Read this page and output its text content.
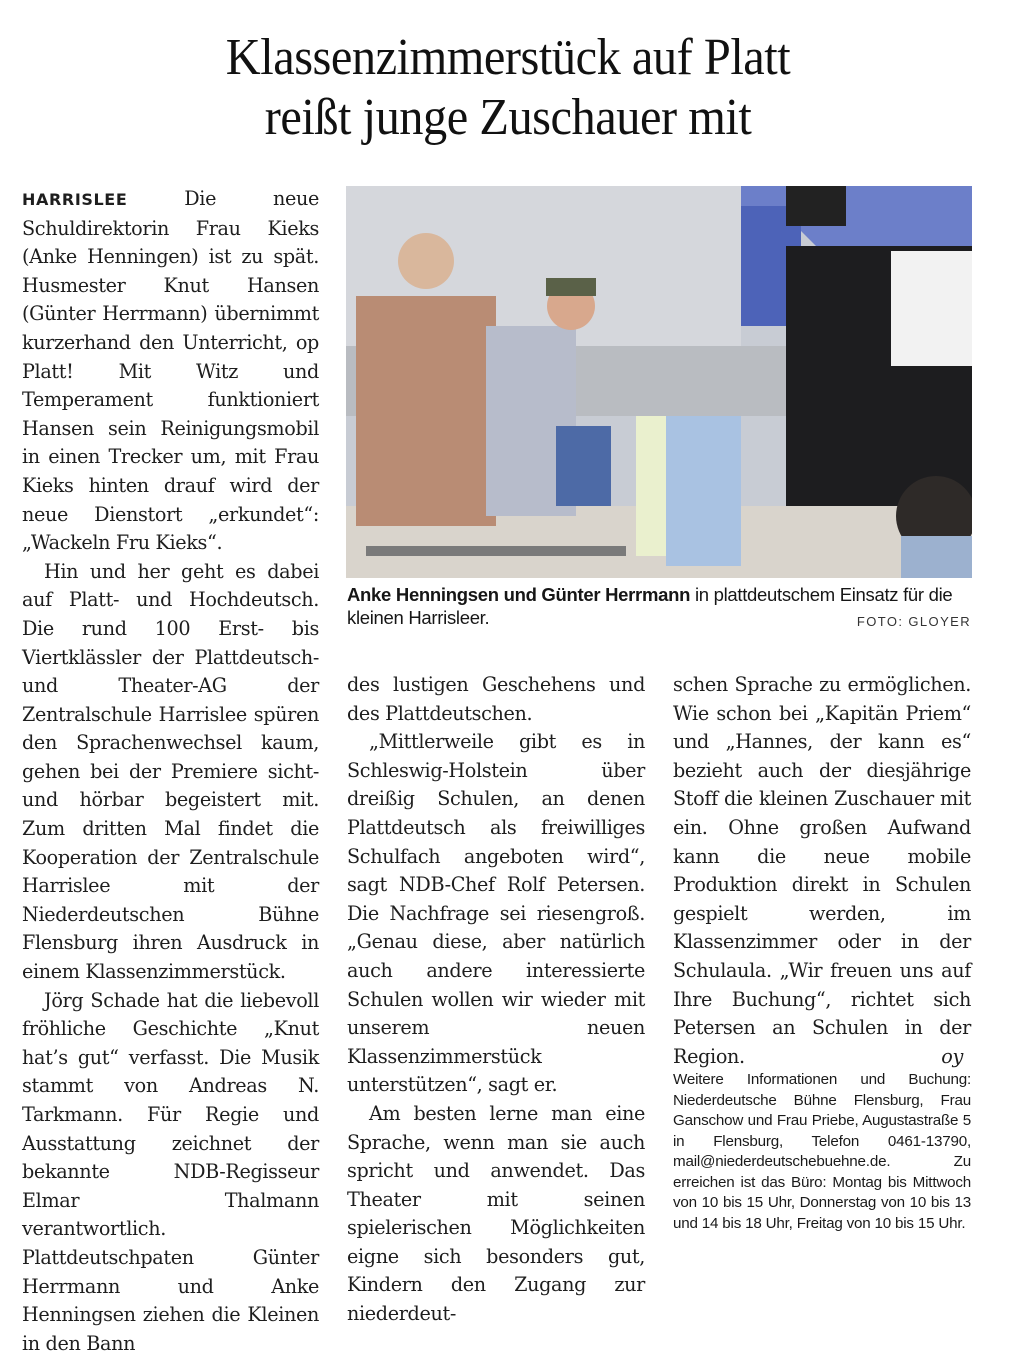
Klassenzimmerstück auf Platt
reißt junge Zuschauer mit

HARRISLEE	Die neue Schuldirektorin Frau Kieks (Anke Henningen) ist zu spät. Husmester Knut Hansen (Günter Herrmann) übernimmt kurzerhand den Unterricht, op Platt! Mit Witz und Temperament funktioniert Hansen sein Reinigungsmobil in einen Trecker um, mit Frau Kieks hinten drauf wird der neue Dienstort „erkundet“: „Wackeln Fru Kieks“.

Hin und her geht es dabei auf Platt- und Hochdeutsch. Die rund 100 Erst- bis Viertklässler der Plattdeutsch- und Theater-AG der Zentralschule Harrislee spüren den Sprachenwechsel kaum, gehen bei der Premiere sicht- und hörbar begeistert mit. Zum dritten Mal findet die Kooperation der Zentralschule Harrislee mit der Niederdeutschen Bühne Flensburg ihren Ausdruck in einem Klassenzimmerstück.

Jörg Schade hat die liebevoll fröhliche Geschichte „Knut hat’s gut“ verfasst. Die Musik stammt von Andreas N. Tarkmann. Für Regie und Ausstattung zeichnet der bekannte NDB-Regisseur Elmar Thalmann verantwortlich. Plattdeutschpaten Günter Herrmann und Anke Henningsen ziehen die Kleinen in den Bann

Anke Henningsen und Günter Herrmann in plattdeutschem Einsatz für die kleinen Harrisleer.	FOTO: GLOYER

des lustigen Geschehens und des Plattdeutschen.

„Mittlerweile gibt es in Schleswig-Holstein über dreißig Schulen, an denen Plattdeutsch als freiwilliges Schulfach angeboten wird“, sagt NDB-Chef Rolf Petersen. Die Nachfrage sei riesengroß. „Genau diese, aber natürlich auch andere interessierte Schulen wollen wir wieder mit unserem neuen Klassenzimmerstück unterstützen“, sagt er.

Am besten lerne man eine Sprache, wenn man sie auch spricht und anwendet. Das Theater mit seinen spielerischen Möglichkeiten eigne sich besonders gut, Kindern den Zugang zur niederdeut-

schen Sprache zu ermöglichen. Wie schon bei „Kapitän Priem“ und „Hannes, der kann es“ bezieht auch der diesjährige Stoff die kleinen Zuschauer mit ein. Ohne großen Aufwand kann die neue mobile Produktion direkt in Schulen gespielt werden, im Klassenzimmer oder in der Schulaula. „Wir freuen uns auf Ihre Buchung“, richtet sich Petersen an Schulen in der Region.	oy

Weitere Informationen und Buchung: Niederdeutsche Bühne Flensburg, Frau Ganschow und Frau Priebe, Augustastraße 5 in Flensburg, Telefon 0461-13790, mail@niederdeutschebuehne.de. Zu erreichen ist das Büro: Montag bis Mittwoch von 10 bis 15 Uhr, Donnerstag von 10 bis 13 und 14 bis 18 Uhr, Freitag von 10 bis 15 Uhr.
